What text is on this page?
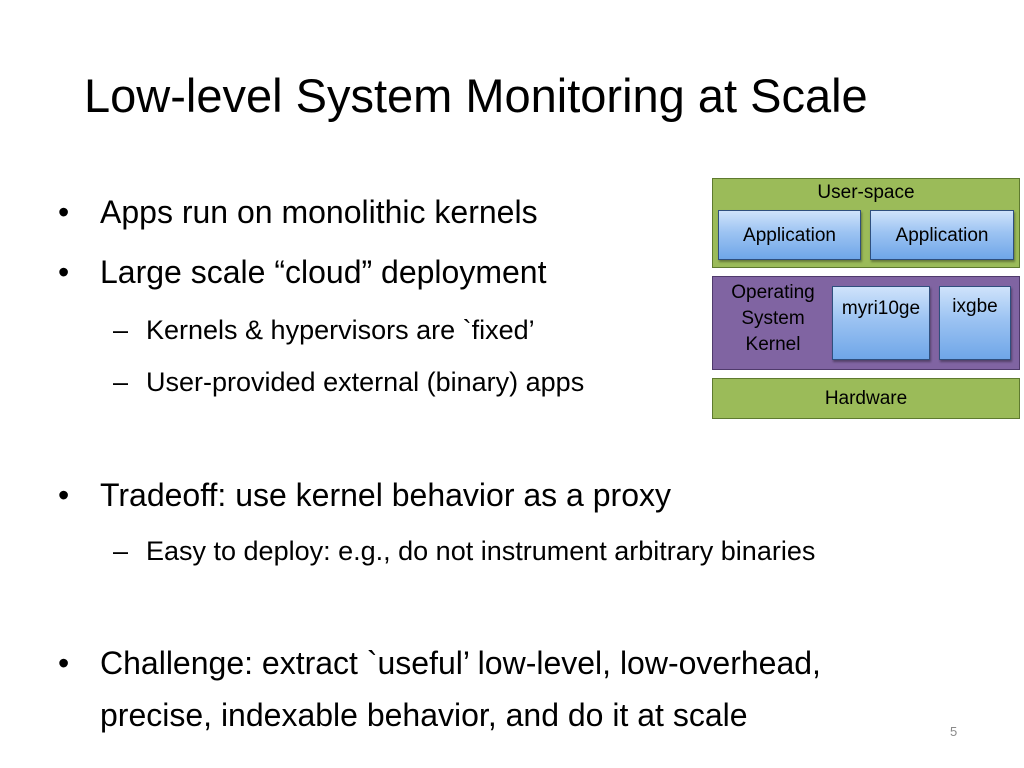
Low-level System Monitoring at Scale
• Apps run on monolithic kernels
• Large scale “cloud” deployment
– Kernels & hypervisors are `fixed’
– User-provided external (binary) apps
• Tradeoff: use kernel behavior as a proxy
– Easy to deploy: e.g., do not instrument arbitrary binaries
• Challenge: extract `useful’ low-level, low-overhead,
precise, indexable behavior, and do it at scale
User-space
Application	Application
Operating
System
Kernel
myri10ge	ixgbe
Hardware
5
